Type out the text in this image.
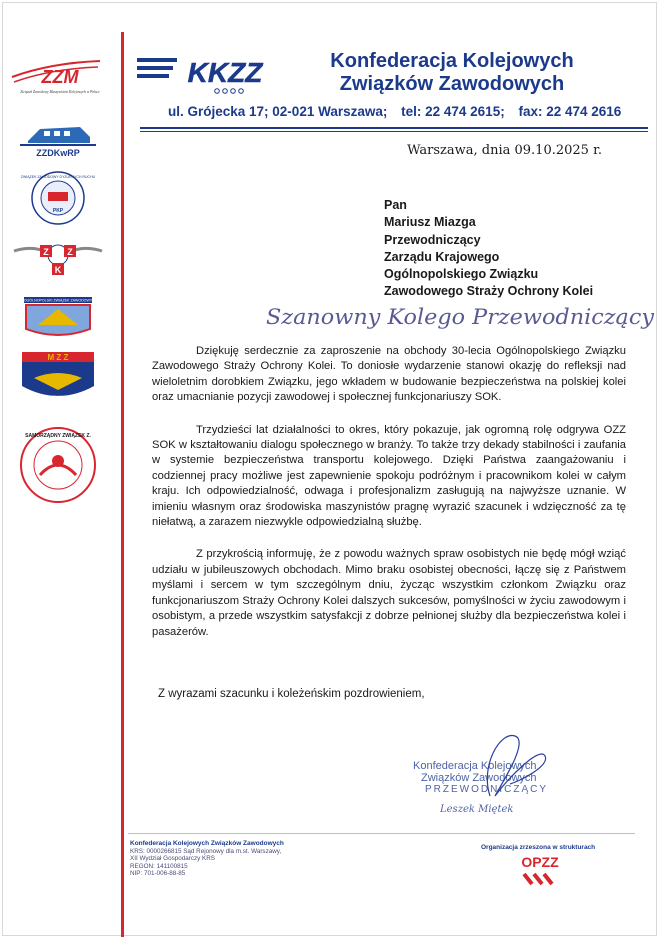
ZZM
Związek Zawodowy Maszynistów Kolejowych w Polsce
ZZDKwRP
ZWIĄZEK ZAWODOWY DYŻURNYCH RUCHU
PKP
Z Z
K
OGÓLNOPOLSKI ZWIĄZEK ZAWODOWY
M Z Z
KONFEDERACJA TURBO
SAMORZĄDNY ZWIĄZEK Z.
KKZZ	Konfederacja Kolejowych
Związków Zawodowych
ul. Grójecka 17; 02-021 Warszawa; tel: 22 474 2615; fax: 22 474 2616
Warszawa, dnia 09.10.2025 r.
Pan
Mariusz Miazga
Przewodniczący
Zarządu Krajowego
Ogólnopolskiego Związku
Zawodowego Straży Ochrony Kolei
Szanowny Kolego Przewodniczący

Dziękuję serdecznie za zaproszenie na obchody 30-lecia Ogólnopolskiego Związku Zawodowego Straży Ochrony Kolei. To doniosłe wydarzenie stanowi okazję do refleksji nad wieloletnim dorobkiem Związku, jego wkładem w budowanie bezpieczeństwa na polskiej kolei oraz umacnianie pozycji zawodowej i społecznej funkcjonariuszy SOK.

Trzydzieści lat działalności to okres, który pokazuje, jak ogromną rolę odgrywa OZZ SOK w kształtowaniu dialogu społecznego w branży. To także trzy dekady stabilności i zaufania w systemie bezpieczeństwa transportu kolejowego. Dzięki Państwa zaangażowaniu i codziennej pracy możliwe jest zapewnienie spokoju podróżnym i pracownikom kolei w całym kraju. Ich odpowiedzialność, odwaga i profesjonalizm zasługują na najwyższe uznanie. W imieniu własnym oraz środowiska maszynistów pragnę wyrazić szacunek i wdzięczność za tę niełatwą, a zarazem niezwykle odpowiedzialną służbę.

Z przykrością informuję, że z powodu ważnych spraw osobistych nie będę mógł wziąć udziału w jubileuszowych obchodach. Mimo braku osobistej obecności, łączę się z Państwem myślami i sercem w tym szczególnym dniu, życząc wszystkim członkom Związku oraz funkcjonariuszom Straży Ochrony Kolei dalszych sukcesów, pomyślności w życiu zawodowym i osobistym, a przede wszystkim satysfakcji z dobrze pełnionej służby dla bezpieczeństwa kolei i pasażerów.

Z wyrazami szacunku i koleżeńskim pozdrowieniem,
Konfederacja Kolejowych
Związków Zawodowych
PRZEWODNICZĄCY
Leszek Miętek
Konfederacja Kolejowych Związków Zawodowych
KRS: 0000266815 Sąd Rejonowy dla m.st. Warszawy,
XII Wydział Gospodarczy KRS
REGON: 141100815
NIP: 701-006-88-85
Organizacja zrzeszona w strukturach
OPZZ
